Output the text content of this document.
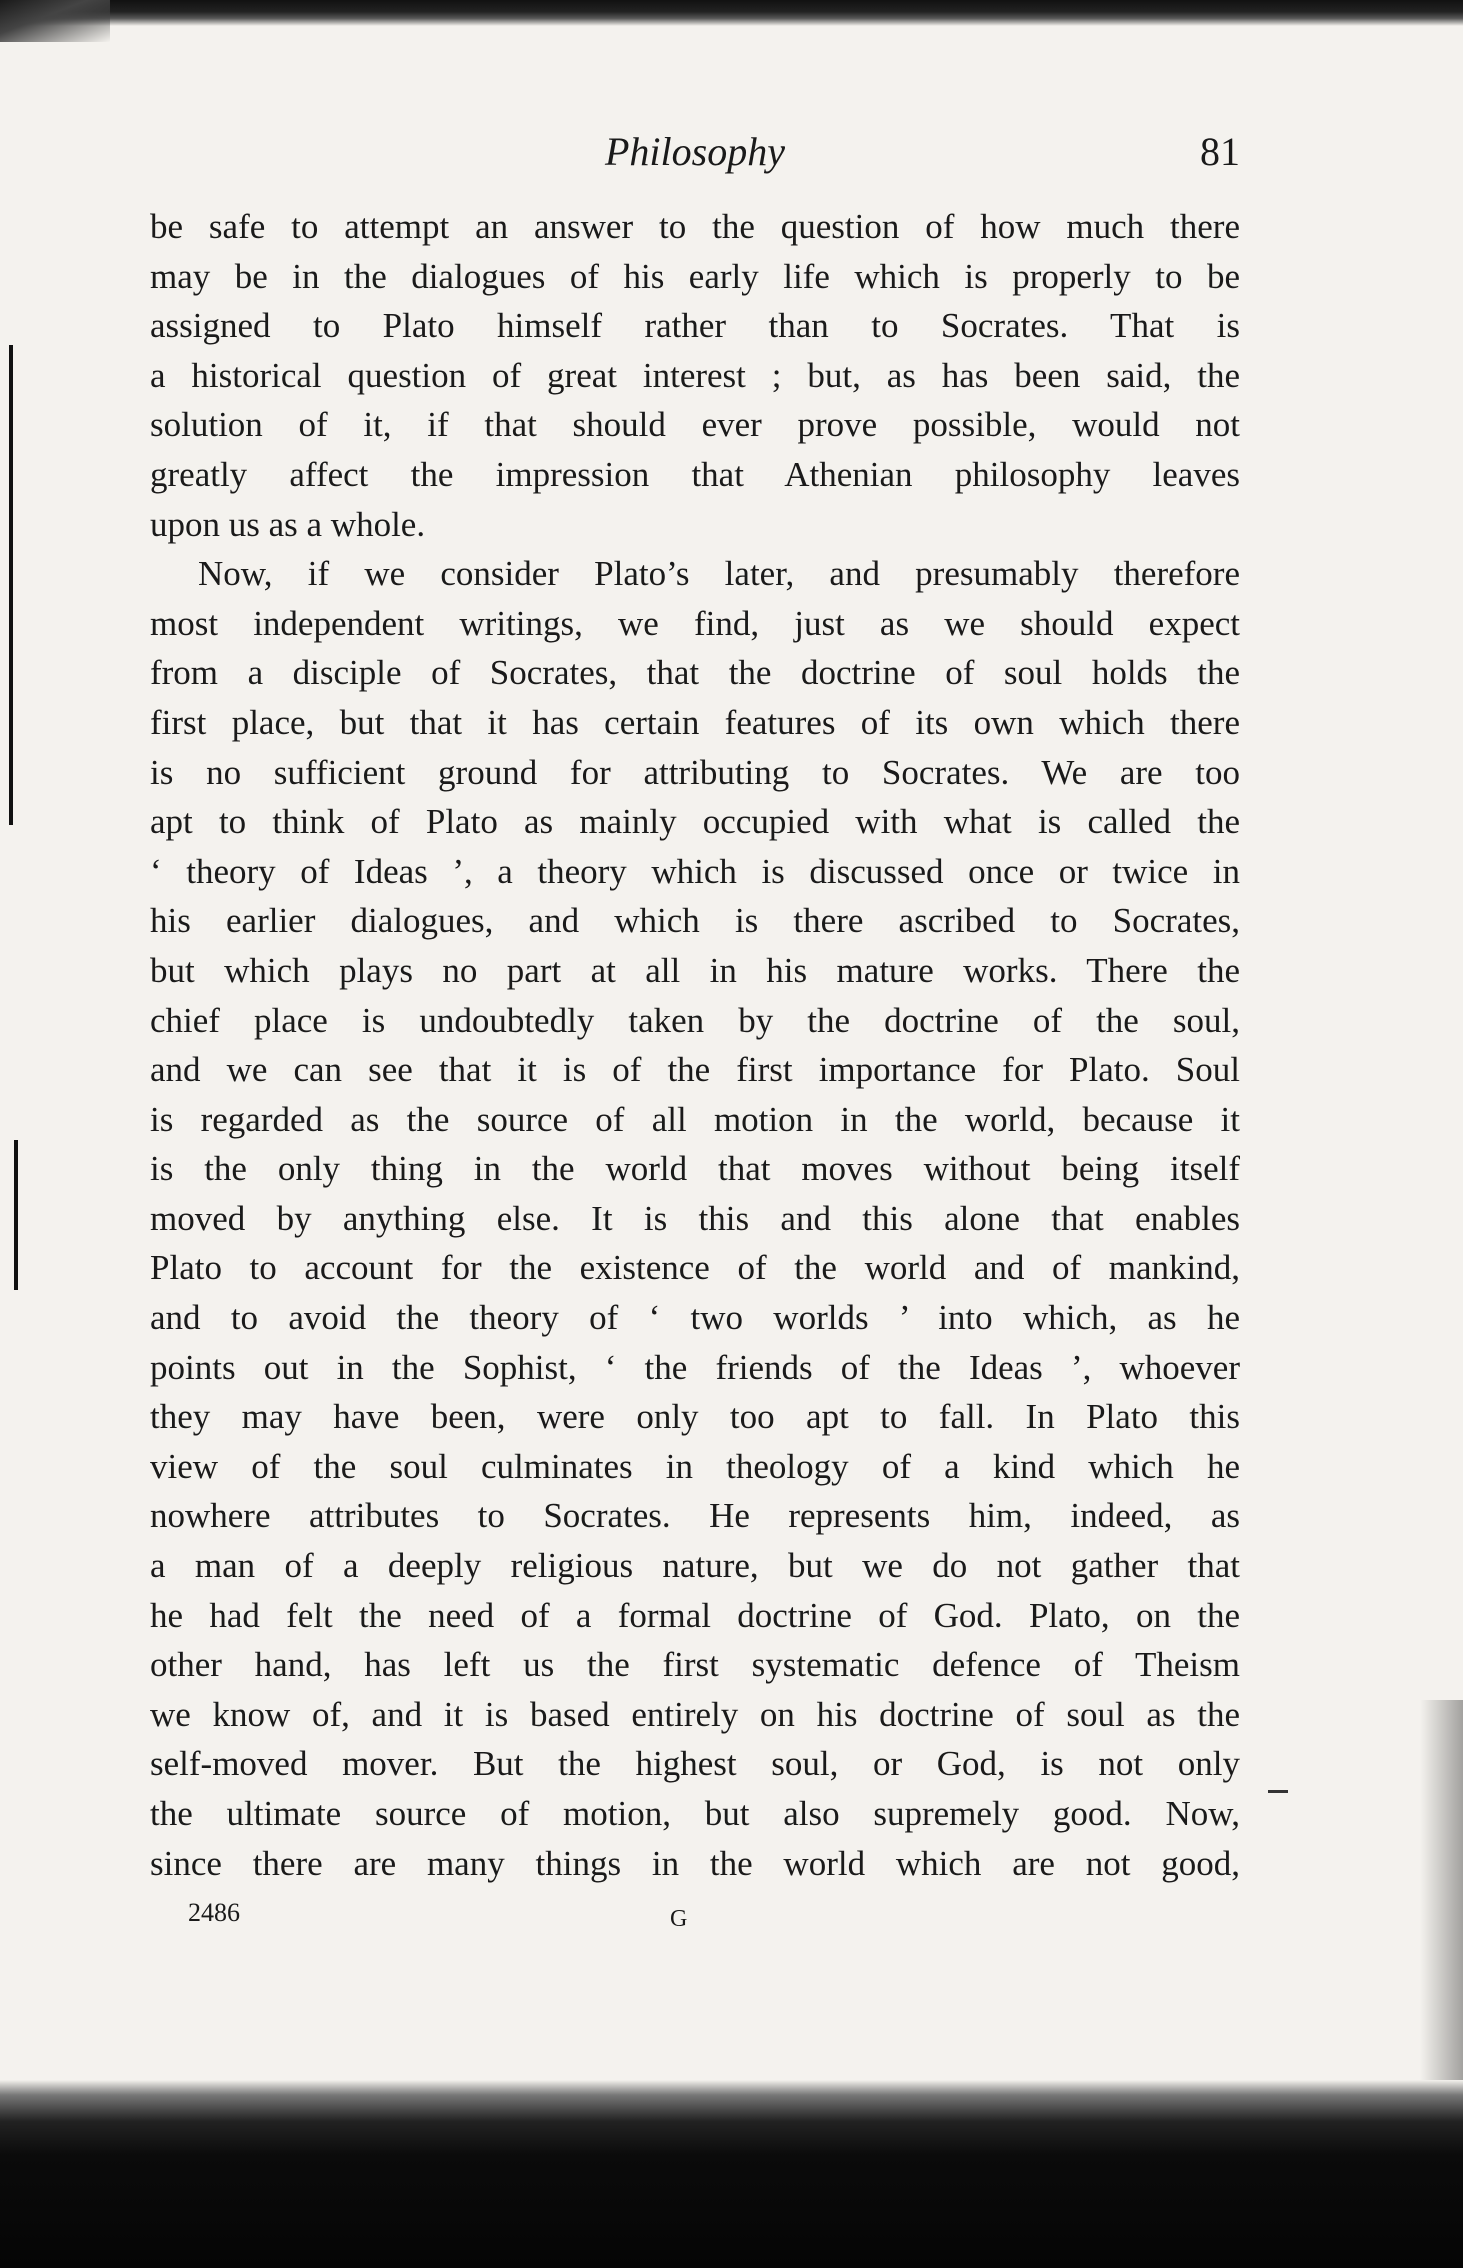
Philosophy	81
be safe to attempt an answer to the question of how much there
may be in the dialogues of his early life which is properly to be
assigned to Plato himself rather than to Socrates. That is
a historical question of great interest ; but, as has been said, the
solution of it, if that should ever prove possible, would not
greatly affect the impression that Athenian philosophy leaves
upon us as a whole.
Now, if we consider Plato’s later, and presumably therefore
most independent writings, we find, just as we should expect
from a disciple of Socrates, that the doctrine of soul holds the
first place, but that it has certain features of its own which there
is no sufficient ground for attributing to Socrates. We are too
apt to think of Plato as mainly occupied with what is called the
‘ theory of Ideas ’, a theory which is discussed once or twice in
his earlier dialogues, and which is there ascribed to Socrates,
but which plays no part at all in his mature works. There the
chief place is undoubtedly taken by the doctrine of the soul,
and we can see that it is of the first importance for Plato. Soul
is regarded as the source of all motion in the world, because it
is the only thing in the world that moves without being itself
moved by anything else. It is this and this alone that enables
Plato to account for the existence of the world and of mankind,
and to avoid the theory of ‘ two worlds ’ into which, as he
points out in the Sophist, ‘ the friends of the Ideas ’, whoever
they may have been, were only too apt to fall. In Plato this
view of the soul culminates in theology of a kind which he
nowhere attributes to Socrates. He represents him, indeed, as
a man of a deeply religious nature, but we do not gather that
he had felt the need of a formal doctrine of God. Plato, on the
other hand, has left us the first systematic defence of Theism
we know of, and it is based entirely on his doctrine of soul as the
self-moved mover. But the highest soul, or God, is not only
the ultimate source of motion, but also supremely good. Now,
since there are many things in the world which are not good,
2486	G
